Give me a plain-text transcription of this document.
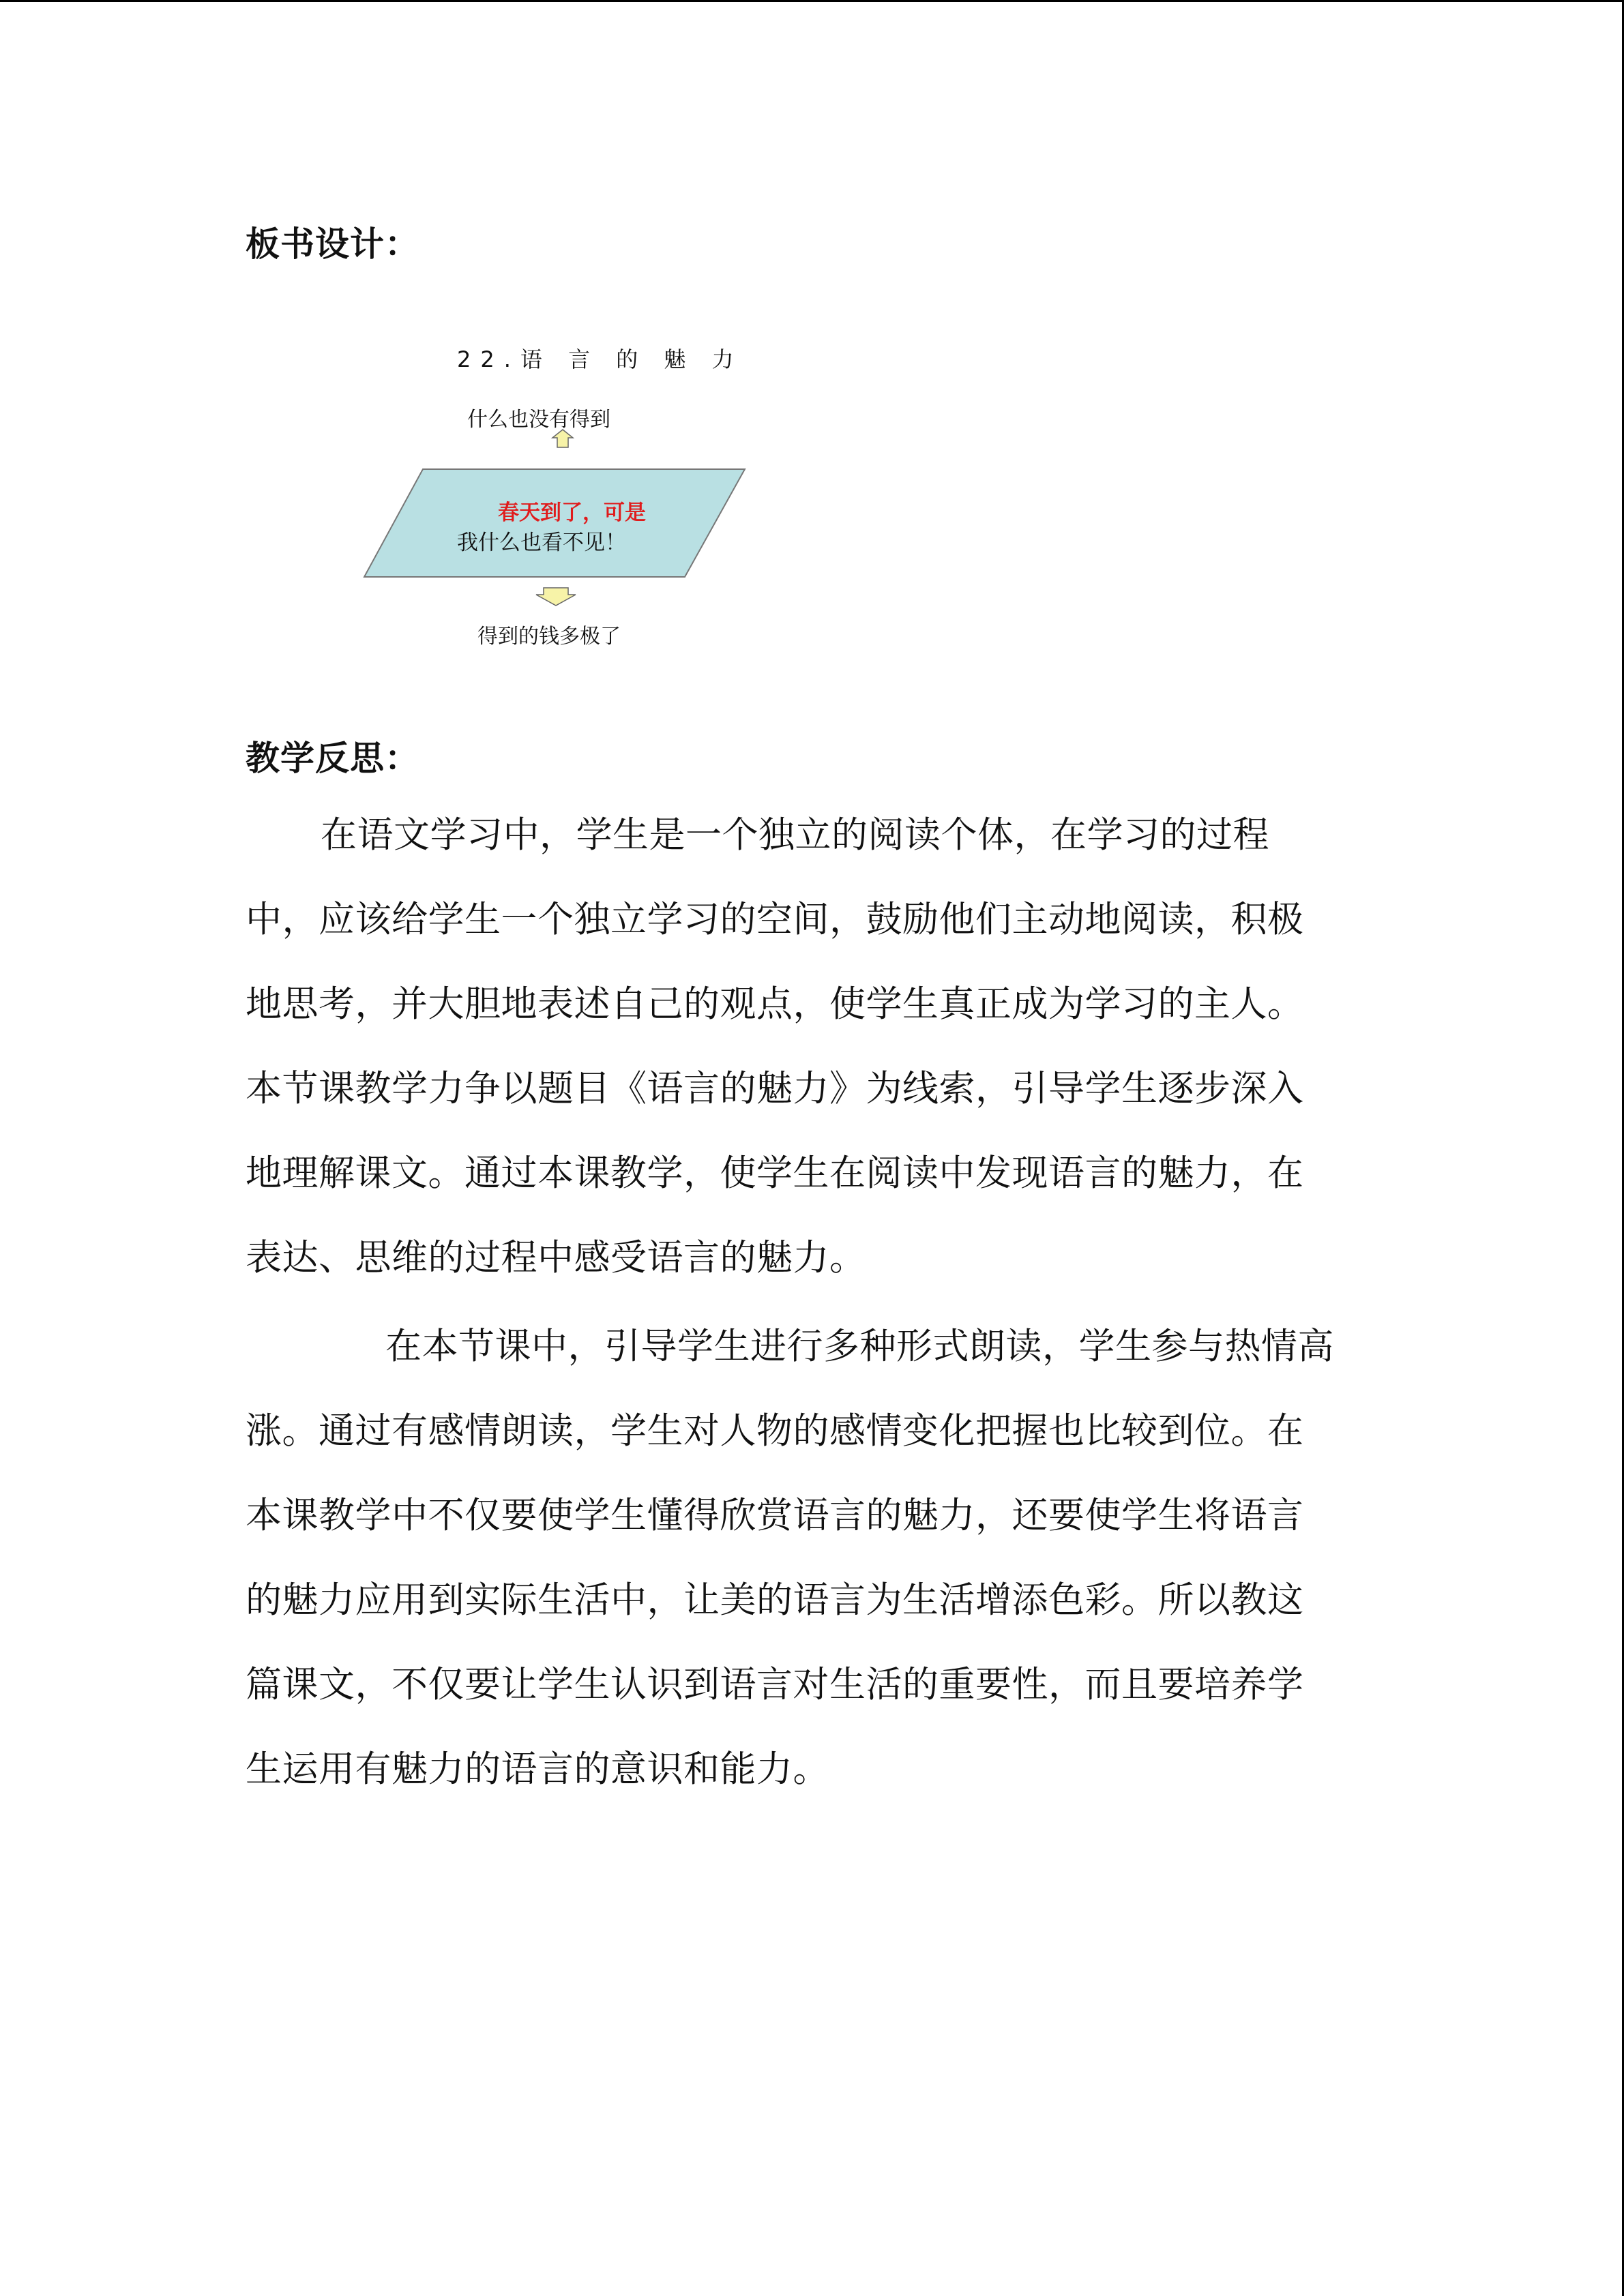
板书设计：
22.语 言 的 魅 力
什么也没有得到
春天到了，可是
我什么也看不见！
得到的钱多极了
教学反思：
在语文学习中，学生是一个独立的阅读个体，在学习的过程
中，应该给学生一个独立学习的空间，鼓励他们主动地阅读，积极
地思考，并大胆地表述自己的观点，使学生真正成为学习的主人。
本节课教学力争以题目《语言的魅力》为线索，引导学生逐步深入
地理解课文。通过本课教学，使学生在阅读中发现语言的魅力，在
表达、思维的过程中感受语言的魅力。
在本节课中，引导学生进行多种形式朗读，学生参与热情高
涨。通过有感情朗读，学生对人物的感情变化把握也比较到位。在
本课教学中不仅要使学生懂得欣赏语言的魅力，还要使学生将语言
的魅力应用到实际生活中，让美的语言为生活增添色彩。所以教这
篇课文，不仅要让学生认识到语言对生活的重要性，而且要培养学
生运用有魅力的语言的意识和能力。
